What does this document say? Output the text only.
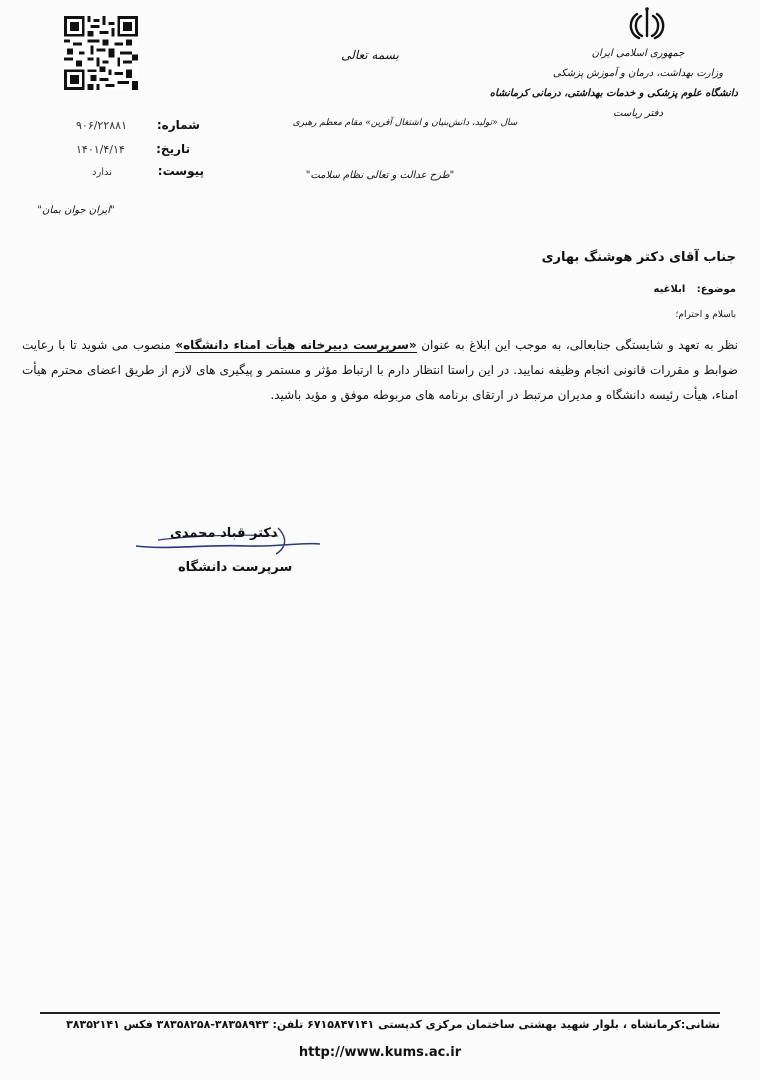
جمهوری اسلامی ایران
وزارت بهداشت، درمان و آموزش پزشکی
دانشگاه علوم پزشکی و خدمات بهداشتی، درمانی کرمانشاه
دفتر ریاست
بسمه تعالی
سال «تولید، دانش‌بنیان و اشتغال آفرین» مقام معظم رهبری
"طرح عدالت و تعالی نظام سلامت"
شماره:
۹۰۶/۲۲۸۸۱
تاریخ:
۱۴۰۱/۴/۱۴
پیوست:
ندارد
"ایران جوان بمان"
جناب آقای دکتر هوشنگ بهاری
موضوع: ابلاغیه
باسلام و احترام؛
نظر به تعهد و شایستگی جنابعالی، به موجب این ابلاغ به عنوان «سرپرست دبیرخانه هیأت امناء دانشگاه» منصوب می شوید تا با رعایت ضوابط و مقررات قانونی انجام وظیفه نمایید. در این راستا انتظار دارم با ارتباط مؤثر و مستمر و پیگیری های لازم از طریق اعضای محترم هیأت امناء، هیأت رئیسه دانشگاه و مدیران مرتبط در ارتقای برنامه های مربوطه موفق و مؤید باشید.
دکتر قباد محمدی
سرپرست دانشگاه
نشانی:کرمانشاه ، بلوار شهید بهشتی ساختمان مرکزی کدپستی ۶۷۱۵۸۴۷۱۴۱ تلفن: ۳۸۳۵۸۹۴۳-۳۸۳۵۸۲۵۸ فکس ۳۸۳۵۲۱۴۱
http://www.kums.ac.ir
